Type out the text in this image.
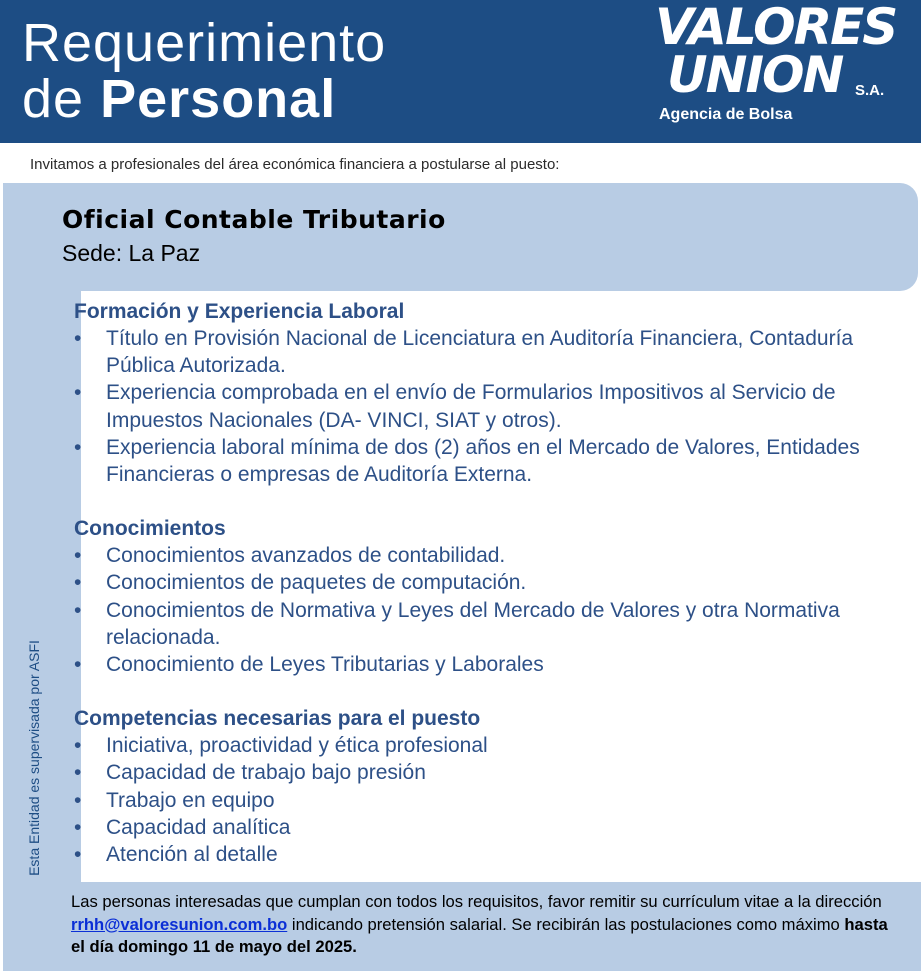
Requerimiento
de Personal
VALORES
UNION S.A.
Agencia de Bolsa
Invitamos a profesionales del área económica financiera a postularse al puesto:
Esta Entidad es supervisada por ASFI
Oficial Contable Tributario
Sede: La Paz
Formación y Experiencia Laboral
• Título en Provisión Nacional de Licenciatura en Auditoría Financiera, Contaduría Pública Autorizada.
• Experiencia comprobada en el envío de Formularios Impositivos al Servicio de Impuestos Nacionales (DA- VINCI, SIAT y otros).
• Experiencia laboral mínima de dos (2) años en el Mercado de Valores, Entidades Financieras o empresas de Auditoría Externa.
Conocimientos
• Conocimientos avanzados de contabilidad.
• Conocimientos de paquetes de computación.
• Conocimientos de Normativa y Leyes del Mercado de Valores y otra Normativa relacionada.
• Conocimiento de Leyes Tributarias y Laborales
Competencias necesarias para el puesto
• Iniciativa, proactividad y ética profesional
• Capacidad de trabajo bajo presión
• Trabajo en equipo
• Capacidad analítica
• Atención al detalle
Las personas interesadas que cumplan con todos los requisitos, favor remitir su currículum vitae a la dirección rrhh@valoresunion.com.bo indicando pretensión salarial. Se recibirán las postulaciones como máximo hasta el día domingo 11 de mayo del 2025.
